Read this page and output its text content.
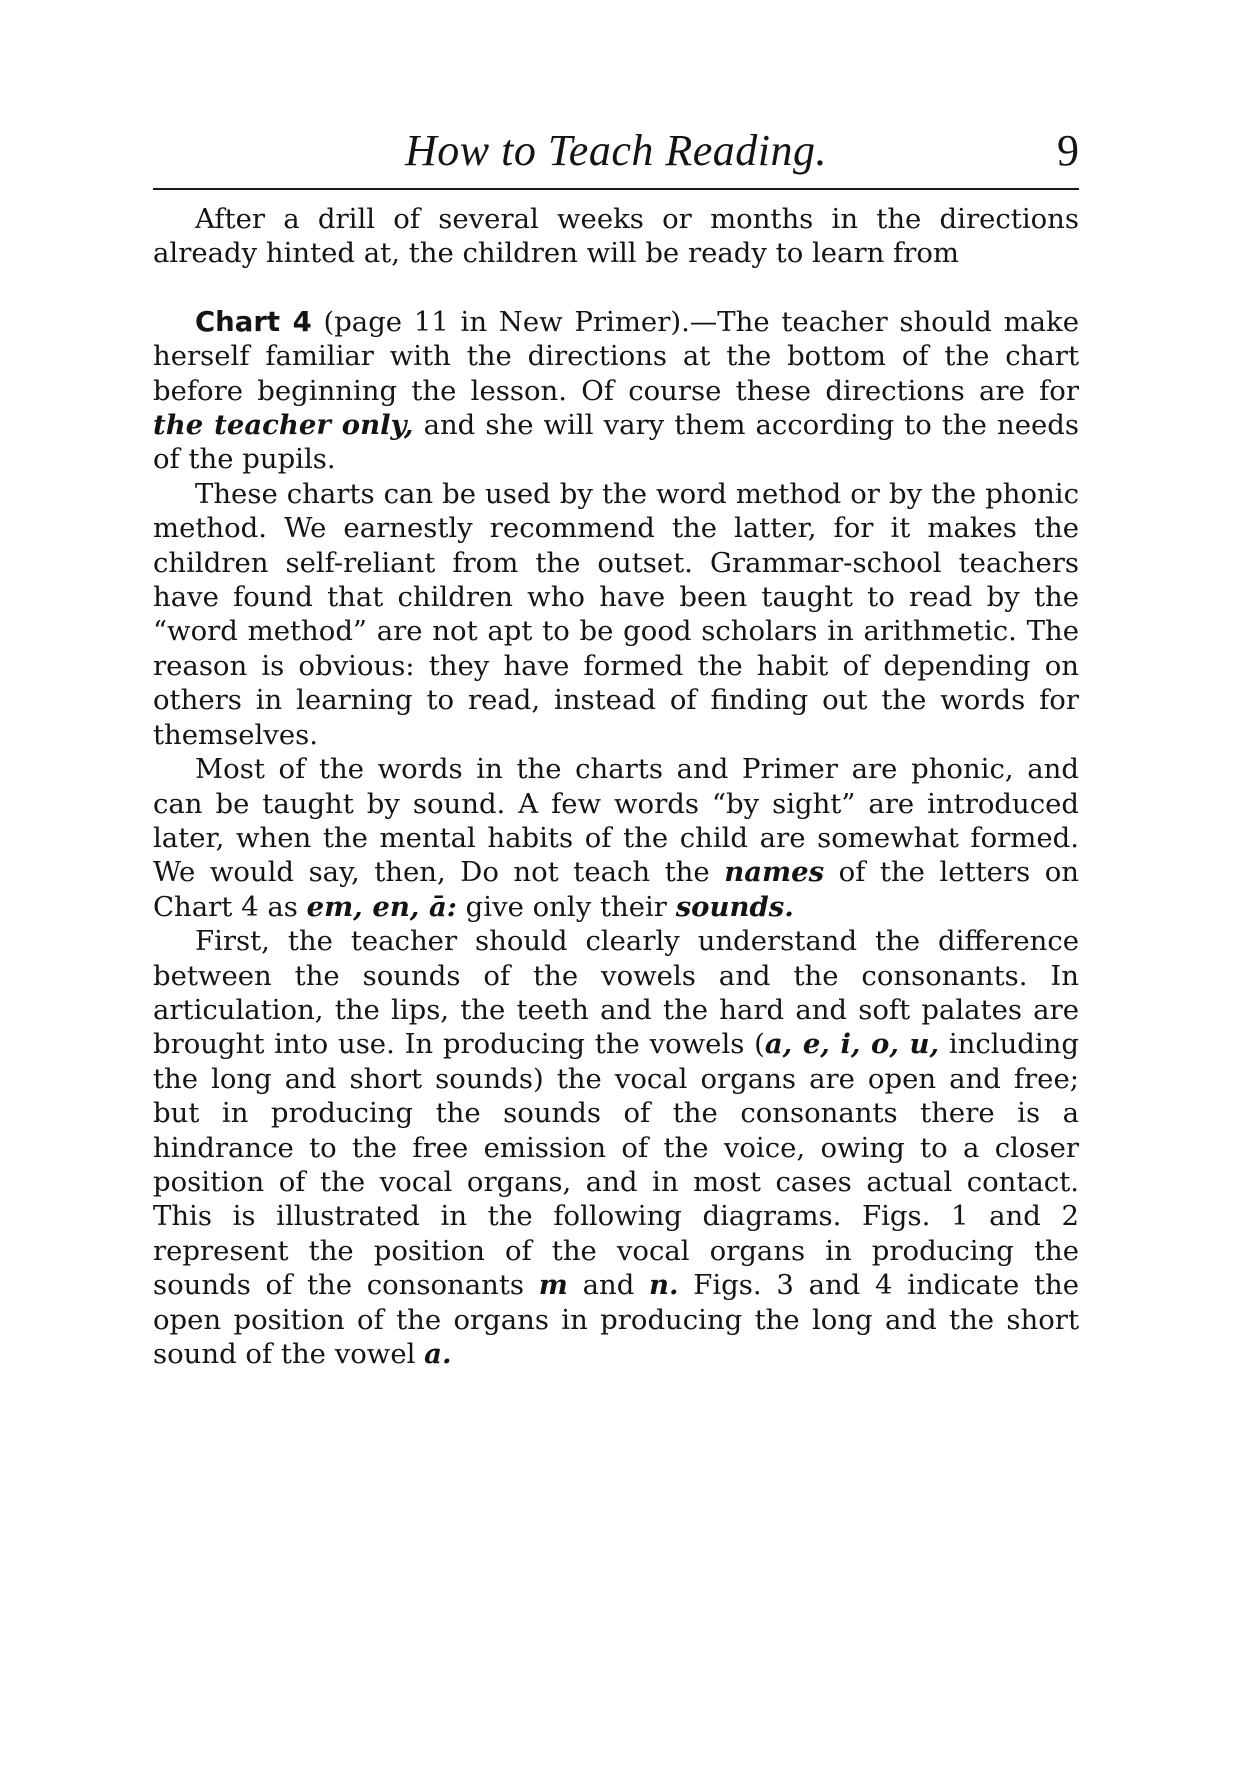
How to Teach Reading.	9

After a drill of several weeks or months in the directions already hinted at, the children will be ready to learn from

Chart 4 (page 11 in New Primer).—The teacher should make herself familiar with the directions at the bottom of the chart before beginning the lesson. Of course these directions are for the teacher only, and she will vary them according to the needs of the pupils.

These charts can be used by the word method or by the phonic method. We earnestly recommend the latter, for it makes the children self-reliant from the outset. Grammar-school teachers have found that children who have been taught to read by the “word method” are not apt to be good scholars in arithmetic. The reason is obvious: they have formed the habit of depending on others in learning to read, instead of finding out the words for themselves.

Most of the words in the charts and Primer are phonic, and can be taught by sound. A few words “by sight” are introduced later, when the mental habits of the child are somewhat formed. We would say, then, Do not teach the names of the letters on Chart 4 as em, en, ā: give only their sounds.

First, the teacher should clearly understand the difference between the sounds of the vowels and the consonants. In articulation, the lips, the teeth and the hard and soft palates are brought into use. In producing the vowels (a, e, i, o, u, including the long and short sounds) the vocal organs are open and free; but in producing the sounds of the consonants there is a hindrance to the free emission of the voice, owing to a closer position of the vocal organs, and in most cases actual contact. This is illustrated in the following diagrams. Figs. 1 and 2 represent the position of the vocal organs in producing the sounds of the consonants m and n. Figs. 3 and 4 indicate the open position of the organs in producing the long and the short sound of the vowel a.
